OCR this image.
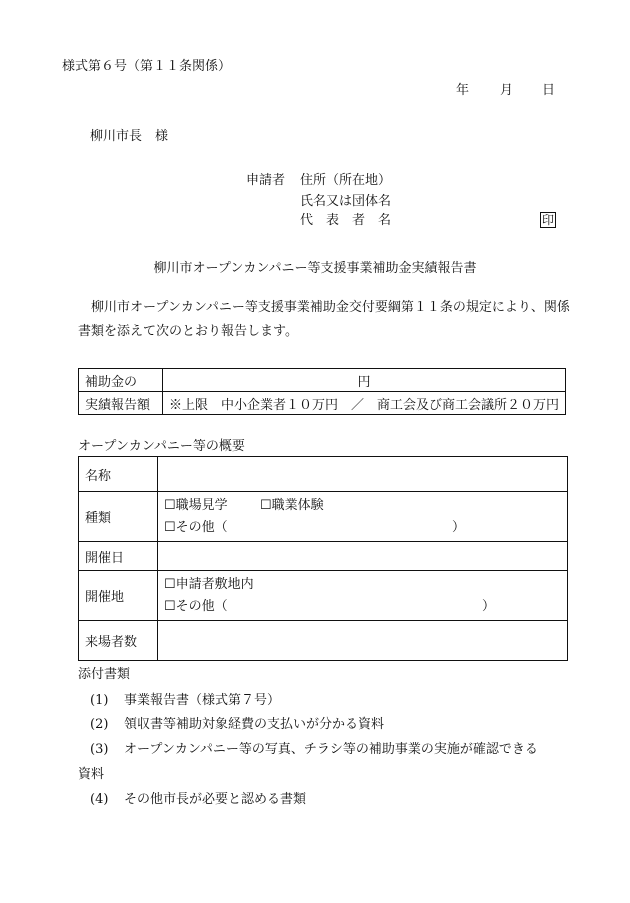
様式第６号（第１１条関係）
年 月 日
柳川市長　様
申請者 住所（所在地）
氏名又は団体名
代　表　者　名	印
柳川市オープンカンパニー等支援事業補助金実績報告書
柳川市オープンカンパニー等支援事業補助金交付要綱第１１条の規定により、関係書類を添えて次のとおり報告します。
補助金の	円
実績報告額	※上限　中小企業者１０万円　／　商工会及び商工会議所２０万円
オープンカンパニー等の概要
名称	
種類	☐職場見学 ☐職業体験
☐その他（ ）

開催日	
開催地	☐申請者敷地内
☐その他（ ）

来場者数	
添付書類
(1) 事業報告書（様式第７号）
(2) 領収書等補助対象経費の支払いが分かる資料
(3) オープンカンパニー等の写真、チラシ等の補助事業の実施が確認できる
資料
(4) その他市長が必要と認める書類
